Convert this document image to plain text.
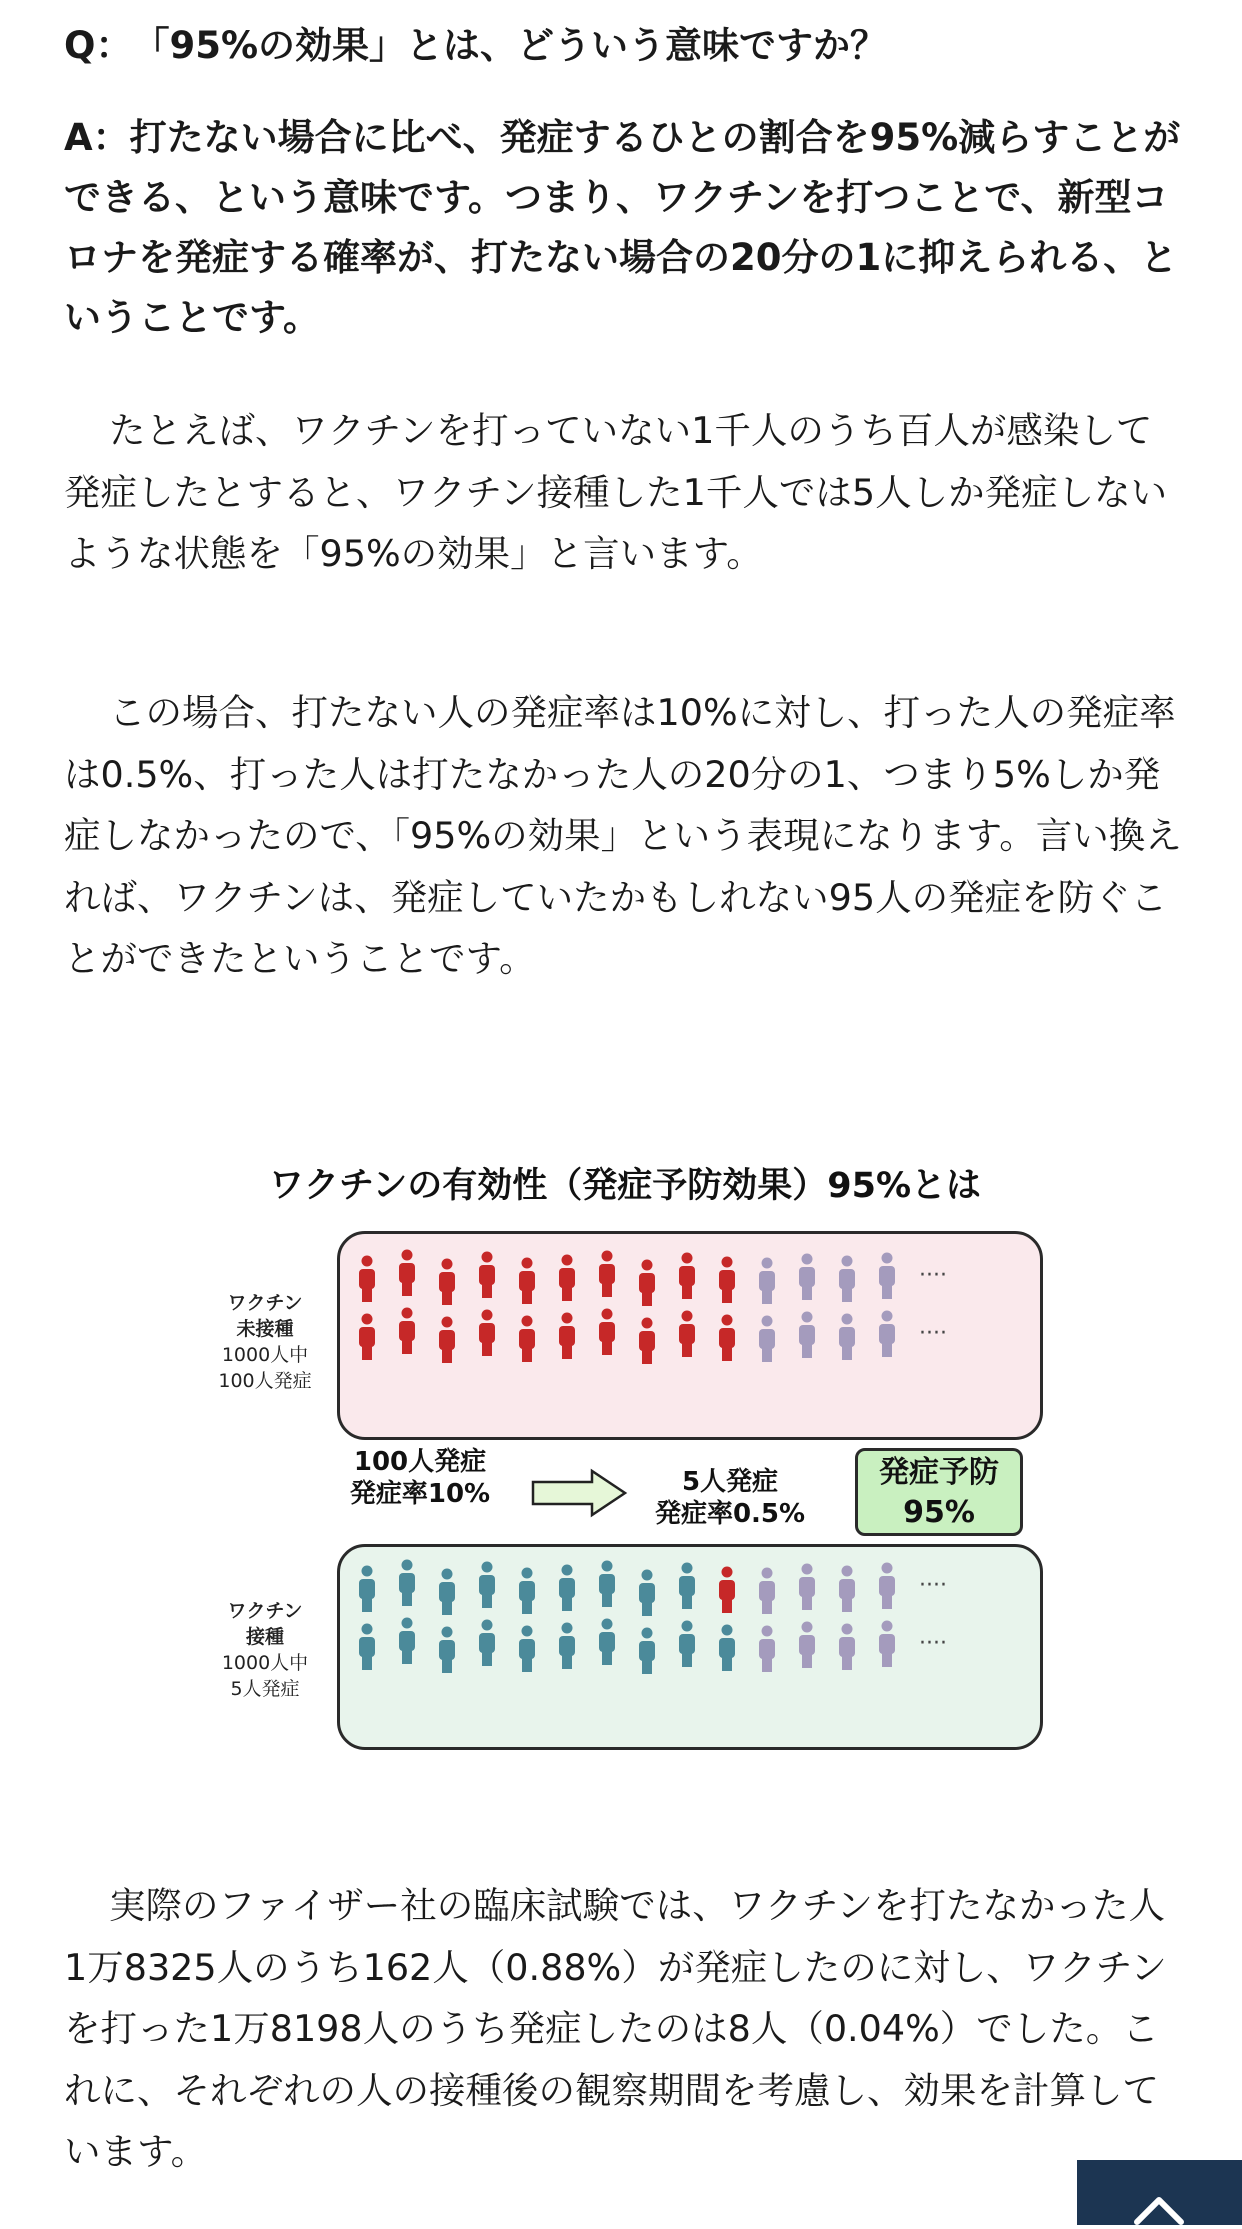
Q：「95%の効果」とは、どういう意味ですか？

A：打たない場合に比べ、発症するひとの割合を95%減らすことができる、という意味です。つまり、ワクチンを打つことで、新型コロナを発症する確率が、打たない場合の20分の1に抑えられる、ということです。

たとえば、ワクチンを打っていない1千人のうち百人が感染して発症したとすると、ワクチン接種した1千人では5人しか発症しないような状態を「95%の効果」と言います。

この場合、打たない人の発症率は10%に対し、打った人の発症率は0.5%、打った人は打たなかった人の20分の1、つまり5%しか発症しなかったので、「95%の効果」という表現になります。言い換えれば、ワクチンは、発症していたかもしれない95人の発症を防ぐことができたということです。

ワクチンの有効性（発症予防効果）95%とは
ワクチン
未接種
1000人中
100人発症
ワクチン
接種
1000人中
5人発症
100人発症
発症率10%	5人発症
発症率0.5%
発症予防
95%
····
····
····
····

実際のファイザー社の臨床試験では、ワクチンを打たなかった人1万8325人のうち162人（0.88%）が発症したのに対し、ワクチンを打った1万8198人のうち発症したのは8人（0.04%）でした。これに、それぞれの人の接種後の観察期間を考慮し、効果を計算しています。
